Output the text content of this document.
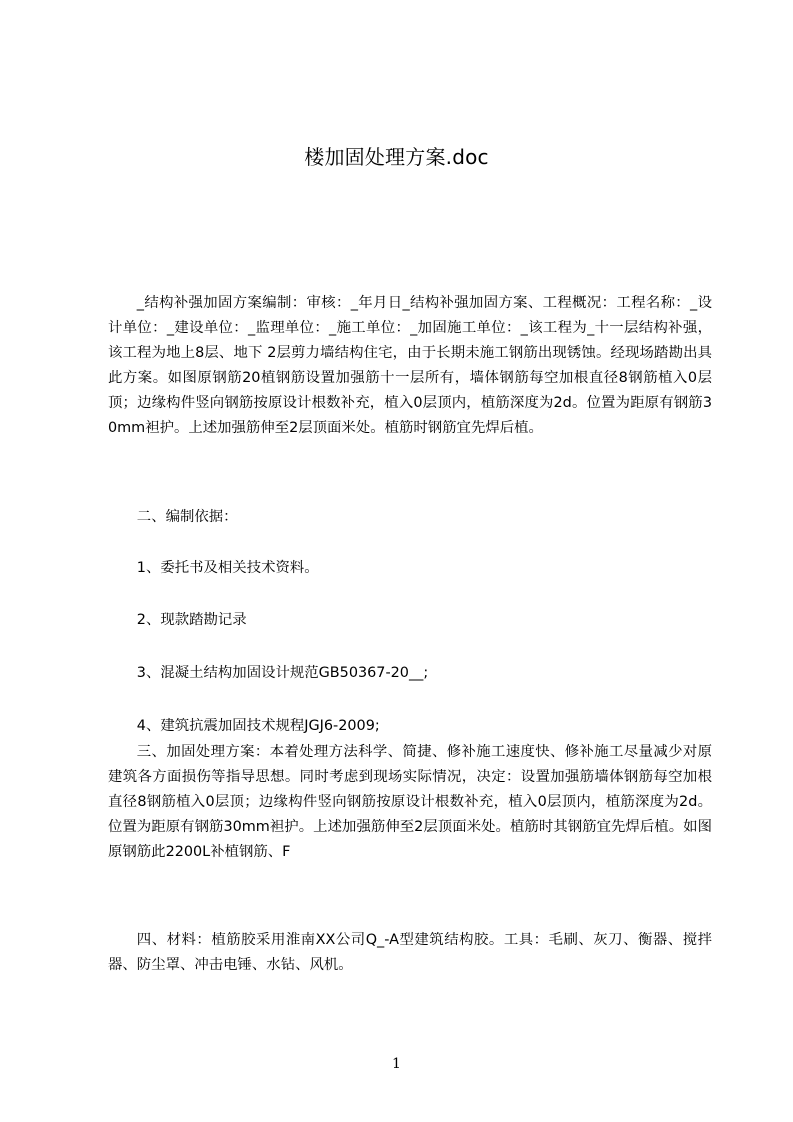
楼加固处理方案.doc

_结构补强加固方案编制：审核：_年月日_结构补强加固方案、工程概况：工程名称：_设计单位：_建设单位：_监理单位：_施工单位：_加固施工单位：_该工程为_十一层结构补强，该工程为地上8层、地下 2层剪力墙结构住宅，由于长期未施工钢筋出现锈蚀。经现场踏勘出具此方案。如图原钢筋20植钢筋设置加强筋十一层所有，墙体钢筋每空加根直径8钢筋植入0层顶；边缘构件竖向钢筋按原设计根数补充，植入0层顶内，植筋深度为2d。位置为距原有钢筋30mm袒护。上述加强筋伸至2层顶面米处。植筋时钢筋宜先焊后植。

二、编制依据：

1、委托书及相关技术资料。

2、现款踏勘记录

3、混凝土结构加固设计规范GB50367-20__;

4、建筑抗震加固技术规程JGJ6-2009;

三、加固处理方案：本着处理方法科学、简捷、修补施工速度快、修补施工尽量减少对原建筑各方面损伤等指导思想。同时考虑到现场实际情况，决定：设置加强筋墙体钢筋每空加根直径8钢筋植入0层顶；边缘构件竖向钢筋按原设计根数补充，植入0层顶内，植筋深度为2d。位置为距原有钢筋30mm袒护。上述加强筋伸至2层顶面米处。植筋时其钢筋宜先焊后植。如图原钢筋此2200L补植钢筋、F

四、材料：植筋胶采用淮南XX公司Q_-A型建筑结构胶。工具：毛刷、灰刀、衡器、搅拌器、防尘罩、冲击电锤、水钻、风机。

1
